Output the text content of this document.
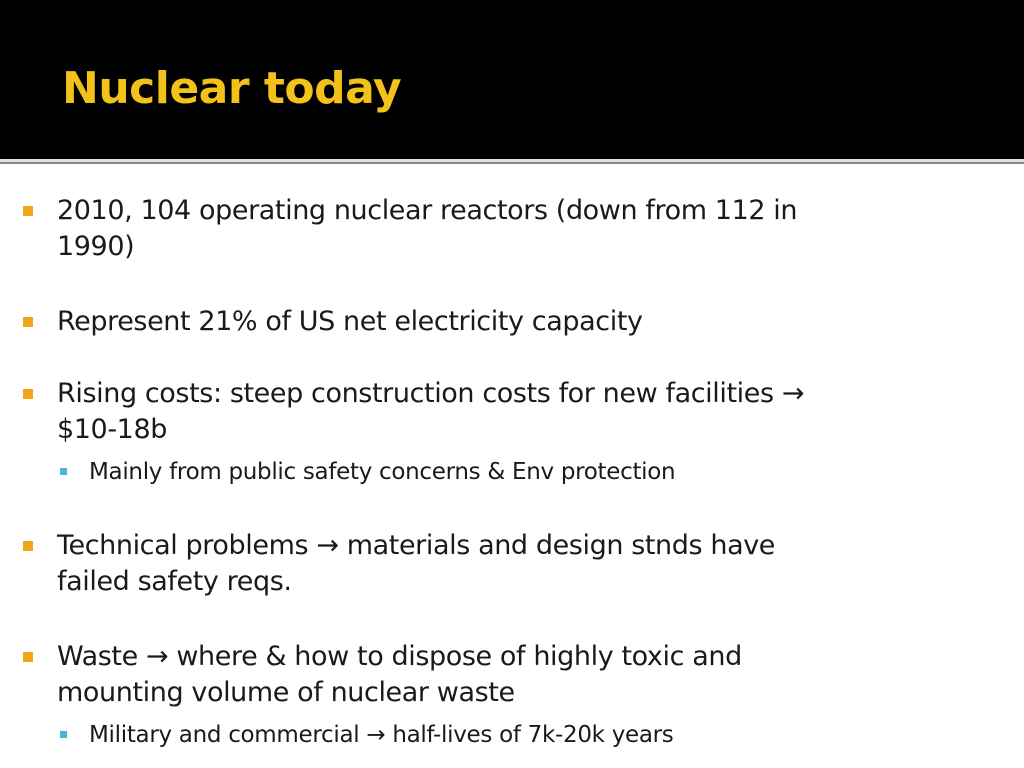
Nuclear today
2010, 104 operating nuclear reactors (down from 112 in
1990)
Represent 21% of US net electricity capacity
Rising costs: steep construction costs for new facilities →
$10-18b
Mainly from public safety concerns & Env protection
Technical problems → materials and design stnds have
failed safety reqs.
Waste → where & how to dispose of highly toxic and
mounting volume of nuclear waste
Military and commercial → half-lives of 7k-20k years
